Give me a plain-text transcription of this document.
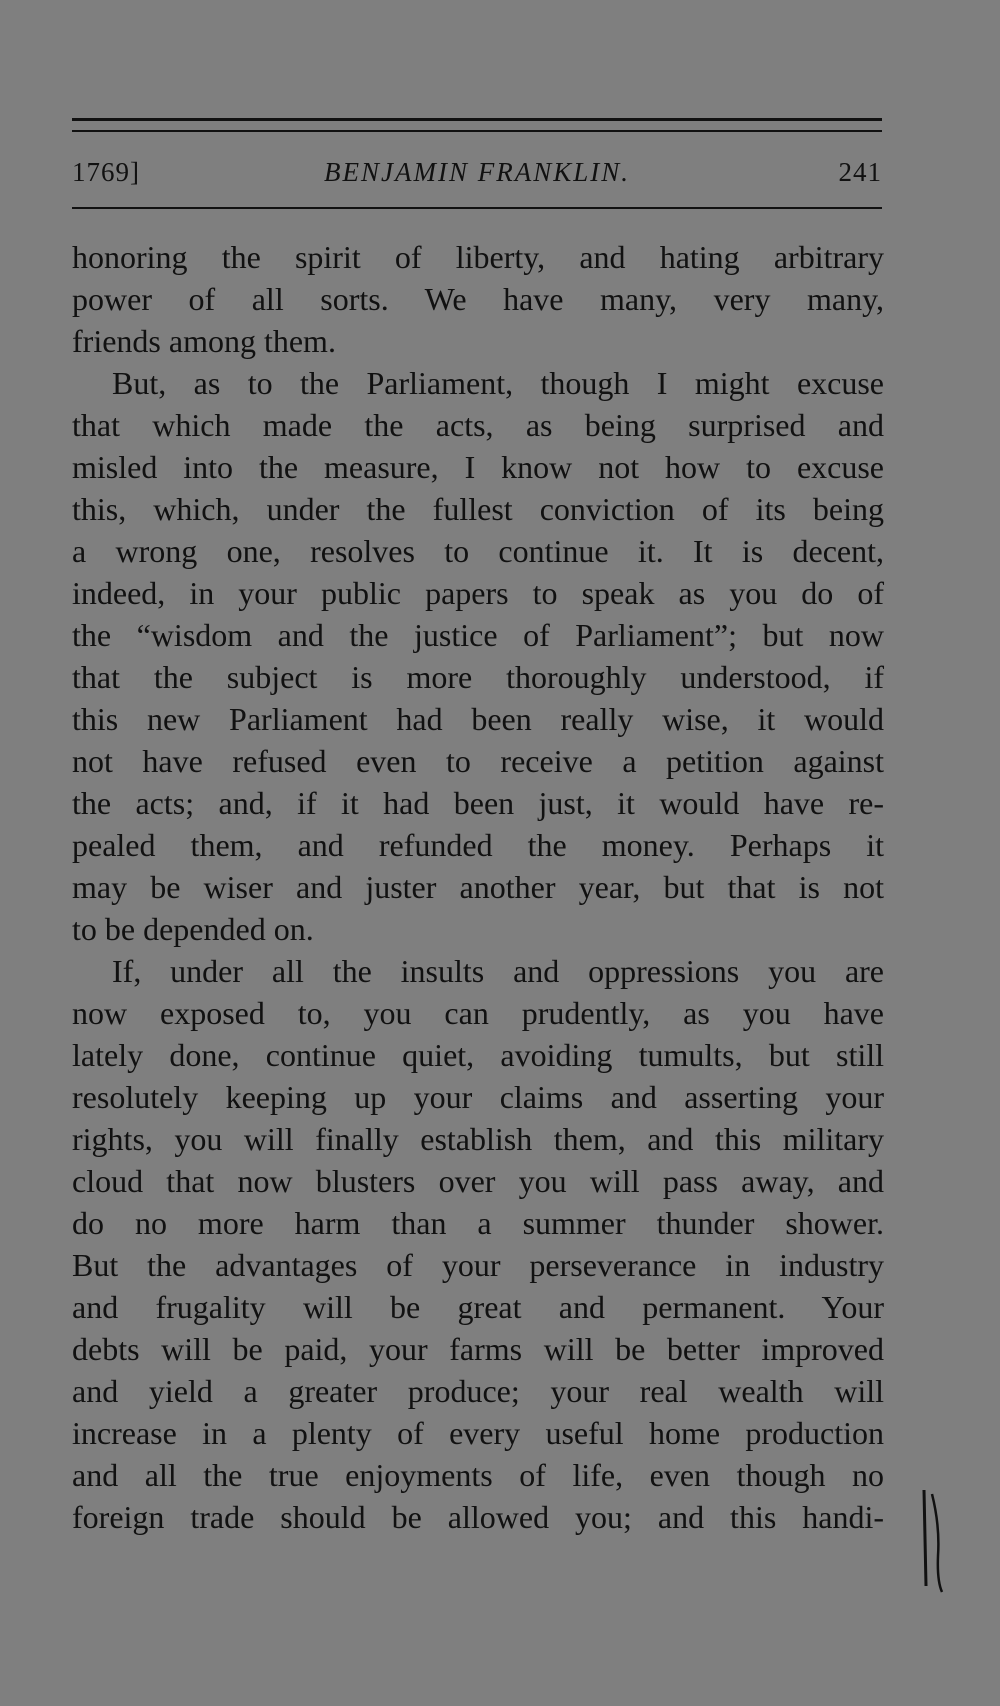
1769]	BENJAMIN FRANKLIN.	241
honoring the spirit of liberty, and hating arbitrary
power of all sorts. We have many, very many,
friends among them.
But, as to the Parliament, though I might excuse
that which made the acts, as being surprised and
misled into the measure, I know not how to excuse
this, which, under the fullest conviction of its being
a wrong one, resolves to continue it. It is decent,
indeed, in your public papers to speak as you do of
the “wisdom and the justice of Parliament”; but now
that the subject is more thoroughly understood, if
this new Parliament had been really wise, it would
not have refused even to receive a petition against
the acts; and, if it had been just, it would have re-
pealed them, and refunded the money. Perhaps it
may be wiser and juster another year, but that is not
to be depended on.
If, under all the insults and oppressions you are
now exposed to, you can prudently, as you have
lately done, continue quiet, avoiding tumults, but still
resolutely keeping up your claims and asserting your
rights, you will finally establish them, and this military
cloud that now blusters over you will pass away, and
do no more harm than a summer thunder shower.
But the advantages of your perseverance in industry
and frugality will be great and permanent. Your
debts will be paid, your farms will be better improved
and yield a greater produce; your real wealth will
increase in a plenty of every useful home production
and all the true enjoyments of life, even though no
foreign trade should be allowed you; and this handi-
